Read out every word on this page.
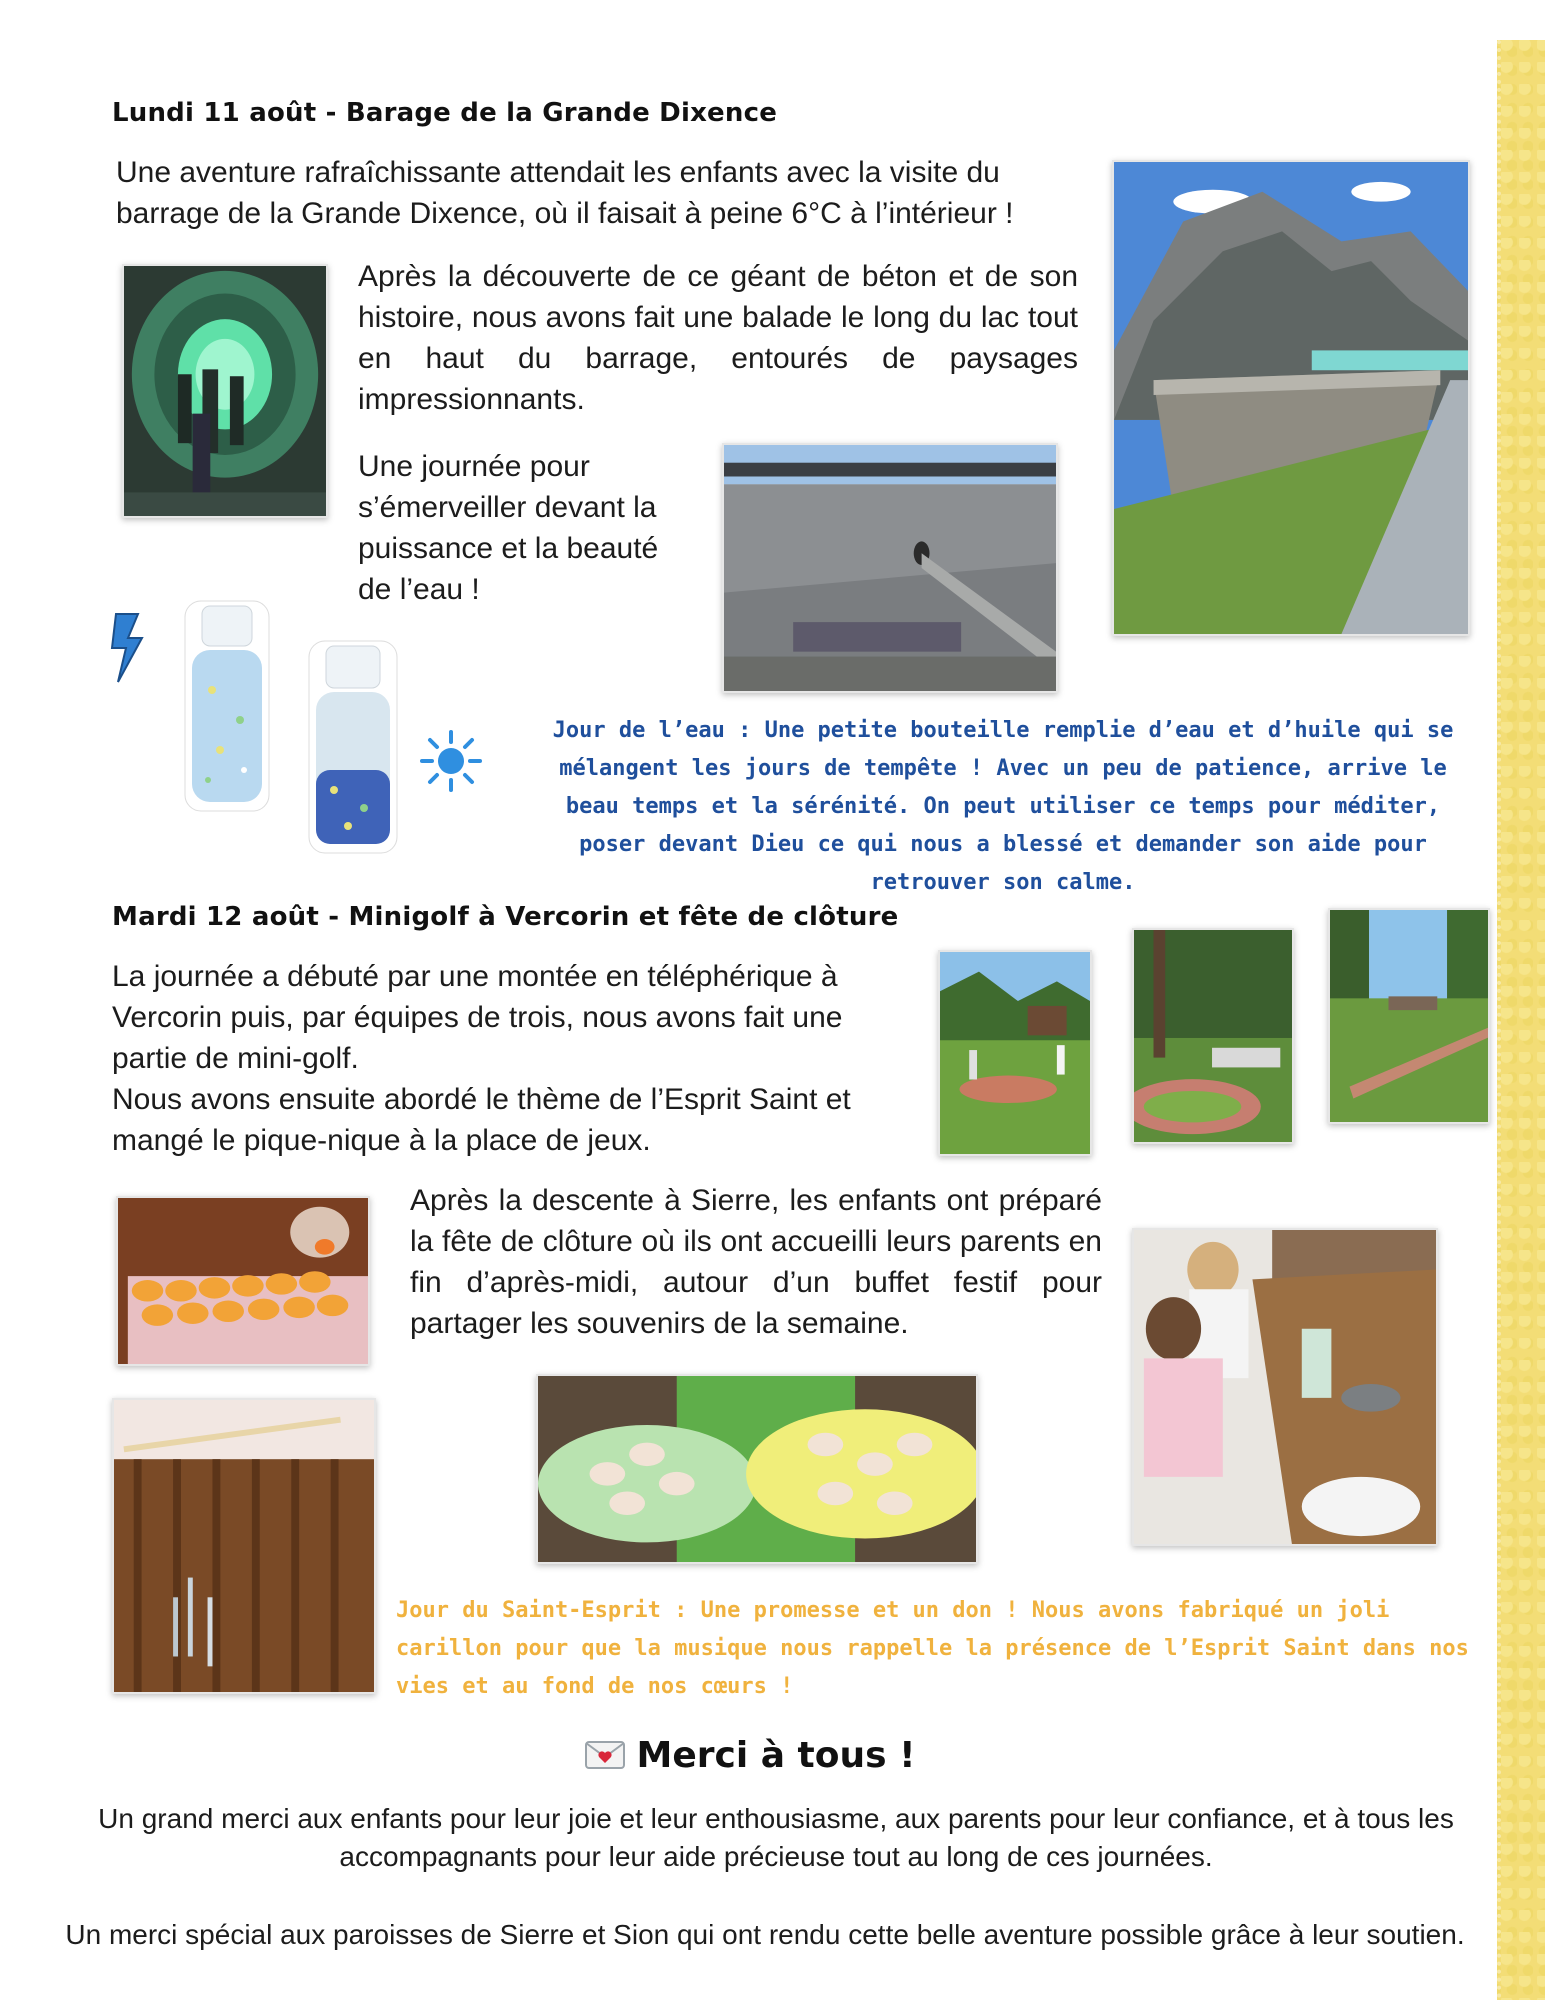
Lundi 11 août - Barage de la Grande Dixence
Une aventure rafraîchissante attendait les enfants avec la visite du barrage de la Grande Dixence, où il faisait à peine 6°C à l’intérieur !
Après la découverte de ce géant de béton et de son histoire, nous avons fait une balade le long du lac tout en haut du barrage, entourés de paysages impressionnants.
Une journée pour s’émerveiller devant la puissance et la beauté de l’eau !
Jour de l’eau : Une petite bouteille remplie d’eau et d’huile qui se mélangent les jours de tempête ! Avec un peu de patience, arrive le beau temps et la sérénité. On peut utiliser ce temps pour méditer, poser devant Dieu ce qui nous a blessé et demander son aide pour retrouver son calme.
Mardi 12 août - Minigolf à Vercorin et fête de clôture
La journée a débuté par une montée en téléphérique à Vercorin puis, par équipes de trois, nous avons fait une partie de mini-golf.
Nous avons ensuite abordé le thème de l’Esprit Saint et mangé le pique-nique à la place de jeux.
Après la descente à Sierre, les enfants ont préparé la fête de clôture où ils ont accueilli leurs parents en fin d’après-midi, autour d’un buffet festif pour partager les souvenirs de la semaine.
Jour du Saint-Esprit : Une promesse et un don ! Nous avons fabriqué un joli carillon pour que la musique nous rappelle la présence de l’Esprit Saint dans nos vies et au fond de nos cœurs !
Merci à tous !
Un grand merci aux enfants pour leur joie et leur enthousiasme, aux parents pour leur confiance, et à tous les accompagnants pour leur aide précieuse tout au long de ces journées.
Un merci spécial aux paroisses de Sierre et Sion qui ont rendu cette belle aventure possible grâce à leur soutien.
